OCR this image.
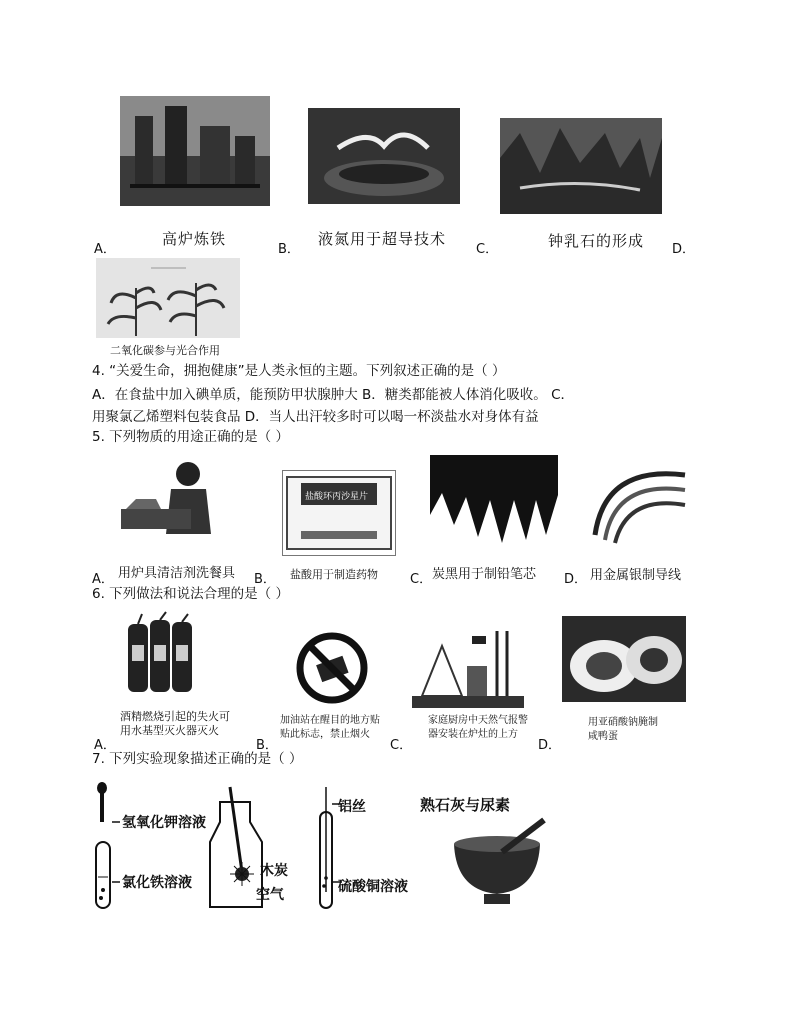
A．
高炉炼铁
B．
液氮用于超导技术
C．	钟乳石的形成 D．
二氧化碳参与光合作用
4. “关爱生命，拥抱健康”是人类永恒的主题。下列叙述正确的是（ ）
A．在食盐中加入碘单质，能预防甲状腺肿大 B．糖类都能被人体消化吸收。 C．
用聚氯乙烯塑料包装食品 D．当人出汗较多时可以喝一杯淡盐水对身体有益
5. 下列物质的用途正确的是（ ）
盐酸环丙沙星片
A． 用炉具清洁剂洗餐具 B． 盐酸用于制造药物 C． 炭黑用于制铅笔芯 D． 用金属银制导线
6. 下列做法和说法合理的是（ ）
酒精燃烧引起的失火可
用水基型灭火器灭火
加油站在醒目的地方贴
贴此标志，禁止烟火
家庭厨房中天然气报警
器安装在炉灶的上方
用亚硝酸钠腌制
咸鸭蛋
A．	B．	C．	D．
7. 下列实验现象描述正确的是（ ）
氢氧化钾溶液
氯化铁溶液
木炭
空气
铝丝
硫酸铜溶液
熟石灰与尿素
